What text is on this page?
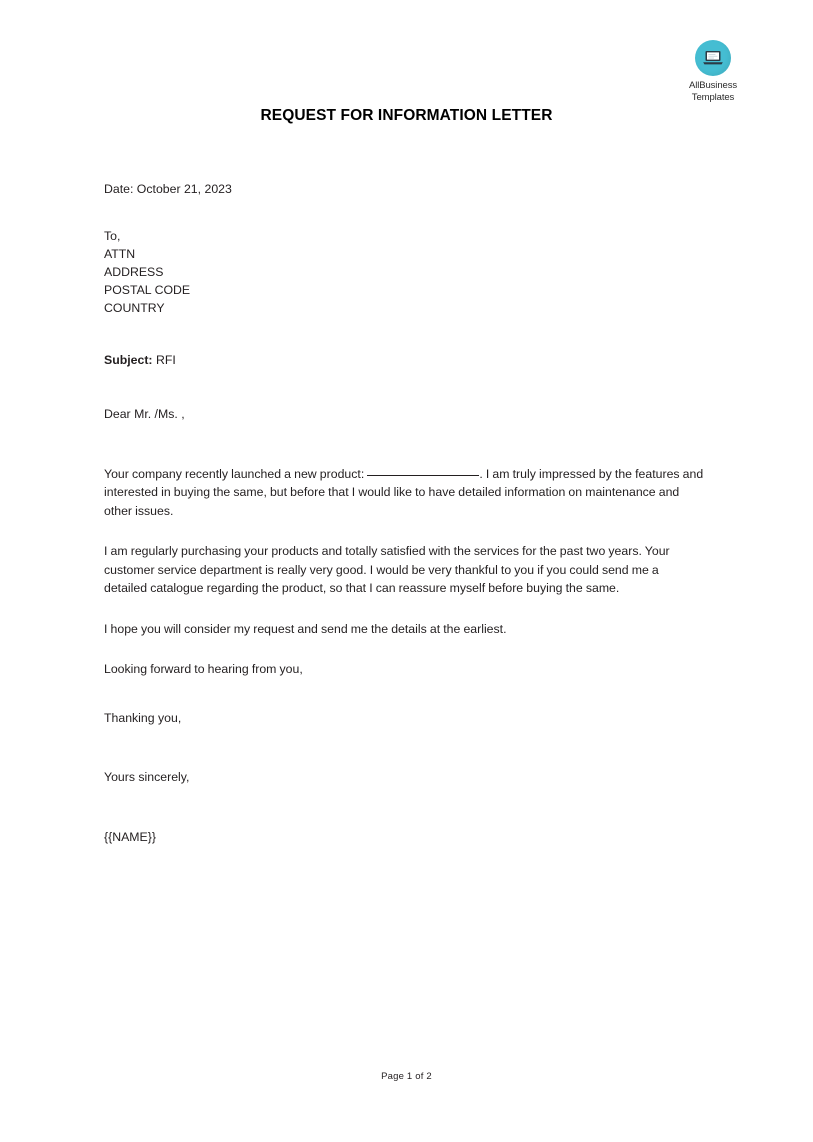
AllBusiness
Templates
REQUEST FOR INFORMATION LETTER
Date: October 21, 2023
To,
ATTN
ADDRESS
POSTAL CODE
COUNTRY
Subject: RFI
Dear Mr. /Ms. ,

Your company recently launched a new product:	. I am truly impressed by the features and interested in buying the same, but before that I would like to have detailed information on maintenance and other issues.

I am regularly purchasing your products and totally satisfied with the services for the past two years. Your customer service department is really very good. I would be very thankful to you if you could send me a detailed catalogue regarding the product, so that I can reassure myself before buying the same.

I hope you will consider my request and send me the details at the earliest.

Looking forward to hearing from you,

Thanking you,
Yours sincerely,
{{NAME}}
Page 1 of 2
